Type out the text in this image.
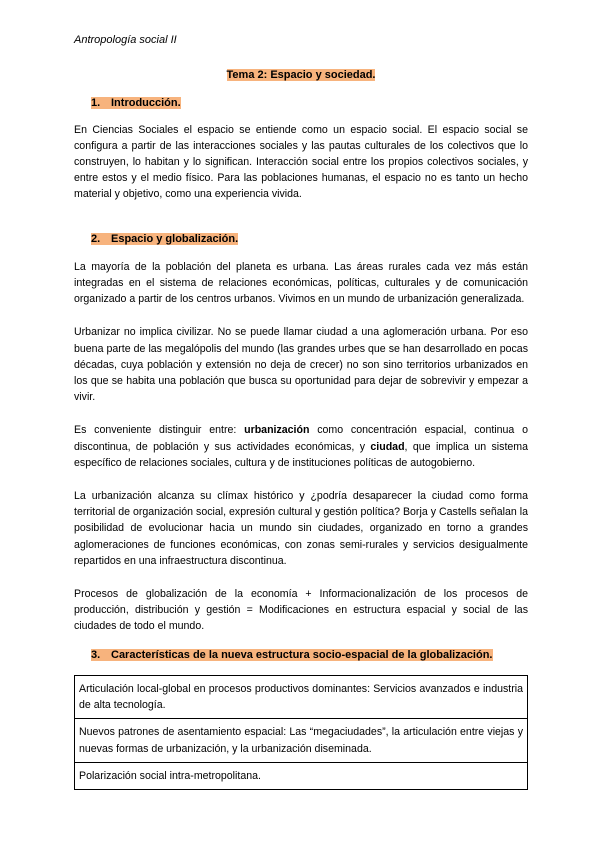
Antropología social II
Tema 2: Espacio y sociedad.
1. Introducción.

En Ciencias Sociales el espacio se entiende como un espacio social. El espacio social se configura a partir de las interacciones sociales y las pautas culturales de los colectivos que lo construyen, lo habitan y lo significan. Interacción social entre los propios colectivos sociales, y entre estos y el medio físico. Para las poblaciones humanas, el espacio no es tanto un hecho material y objetivo, como una experiencia vivida.

2. Espacio y globalización.

La mayoría de la población del planeta es urbana. Las áreas rurales cada vez más están integradas en el sistema de relaciones económicas, políticas, culturales y de comunicación organizado a partir de los centros urbanos. Vivimos en un mundo de urbanización generalizada.

Urbanizar no implica civilizar. No se puede llamar ciudad a una aglomeración urbana. Por eso buena parte de las megalópolis del mundo (las grandes urbes que se han desarrollado en pocas décadas, cuya población y extensión no deja de crecer) no son sino territorios urbanizados en los que se habita una población que busca su oportunidad para dejar de sobrevivir y empezar a vivir.

Es conveniente distinguir entre: urbanización como concentración espacial, continua o discontinua, de población y sus actividades económicas, y ciudad, que implica un sistema específico de relaciones sociales, cultura y de instituciones políticas de autogobierno.

La urbanización alcanza su clímax histórico y ¿podría desaparecer la ciudad como forma territorial de organización social, expresión cultural y gestión política? Borja y Castells señalan la posibilidad de evolucionar hacia un mundo sin ciudades, organizado en torno a grandes aglomeraciones de funciones económicas, con zonas semi-rurales y servicios desigualmente repartidos en una infraestructura discontinua.

Procesos de globalización de la economía + Informacionalización de los procesos de producción, distribución y gestión = Modificaciones en estructura espacial y social de las ciudades de todo el mundo.

3. Características de la nueva estructura socio-espacial de la globalización.
Articulación local-global en procesos productivos dominantes: Servicios avanzados e industria de alta tecnología.
Nuevos patrones de asentamiento espacial: Las “megaciudades”, la articulación entre viejas y nuevas formas de urbanización, y la urbanización diseminada.
Polarización social intra-metropolitana.
